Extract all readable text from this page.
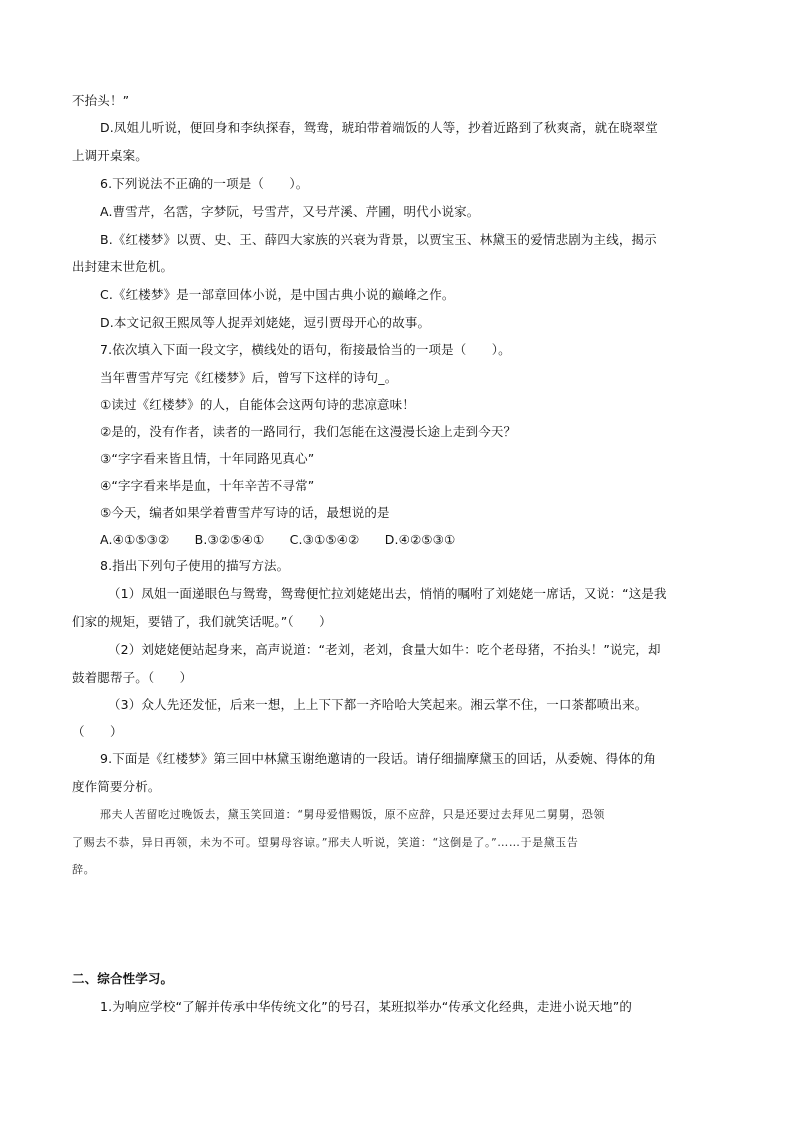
不抬头！”
D.凤姐儿听说，便回身和李纨探春，鸳鸯，琥珀带着端饭的人等，抄着近路到了秋爽斋，就在晓翠堂
上调开桌案。
6.下列说法不正确的一项是（　　）。
A.曹雪芹，名霑，字梦阮，号雪芹，又号芹溪、芹圃，明代小说家。
B.《红楼梦》以贾、史、王、薛四大家族的兴衰为背景，以贾宝玉、林黛玉的爱情悲剧为主线，揭示
出封建末世危机。
C.《红楼梦》是一部章回体小说，是中国古典小说的巅峰之作。
D.本文记叙王熙凤等人捉弄刘姥姥，逗引贾母开心的故事。
7.依次填入下面一段文字，横线处的语句，衔接最恰当的一项是（　　）。
当年曹雪芹写完《红楼梦》后，曾写下这样的诗句_。
①读过《红楼梦》的人，自能体会这两句诗的悲凉意味！
②是的，没有作者，读者的一路同行，我们怎能在这漫漫长途上走到今天？
③“字字看来皆且情，十年同路见真心”
④“字字看来毕是血，十年辛苦不寻常”
⑤今天，编者如果学着曹雪芹写诗的话，最想说的是
A.④①⑤③②　　B.③②⑤④①　　C.③①⑤④②　　D.④②⑤③①
8.指出下列句子使用的描写方法。
（1）凤姐一面递眼色与鸳鸯，鸳鸯便忙拉刘姥姥出去，悄悄的嘱咐了刘姥姥一席话，又说：“这是我
们家的规矩，要错了，我们就笑话呢。”（　　）
（2）刘姥姥便站起身来，高声说道：“老刘，老刘，食量大如牛：吃个老母猪，不抬头！”说完，却
鼓着腮帮子。（　　）
（3）众人先还发怔，后来一想，上上下下都一齐哈哈大笑起来。湘云掌不住，一口茶都喷出来。
（　　）
9.下面是《红楼梦》第三回中林黛玉谢绝邀请的一段话。请仔细揣摩黛玉的回话，从委婉、得体的角
度作简要分析。
邢夫人苦留吃过晚饭去，黛玉笑回道：“舅母爱惜赐饭，原不应辞，只是还要过去拜见二舅舅，恐领
了赐去不恭，异日再领，未为不可。望舅母容谅。”邢夫人听说，笑道：“这倒是了。”……于是黛玉告
辞。
二、综合性学习。
1.为响应学校“了解并传承中华传统文化”的号召，某班拟举办“传承文化经典，走进小说天地”的
